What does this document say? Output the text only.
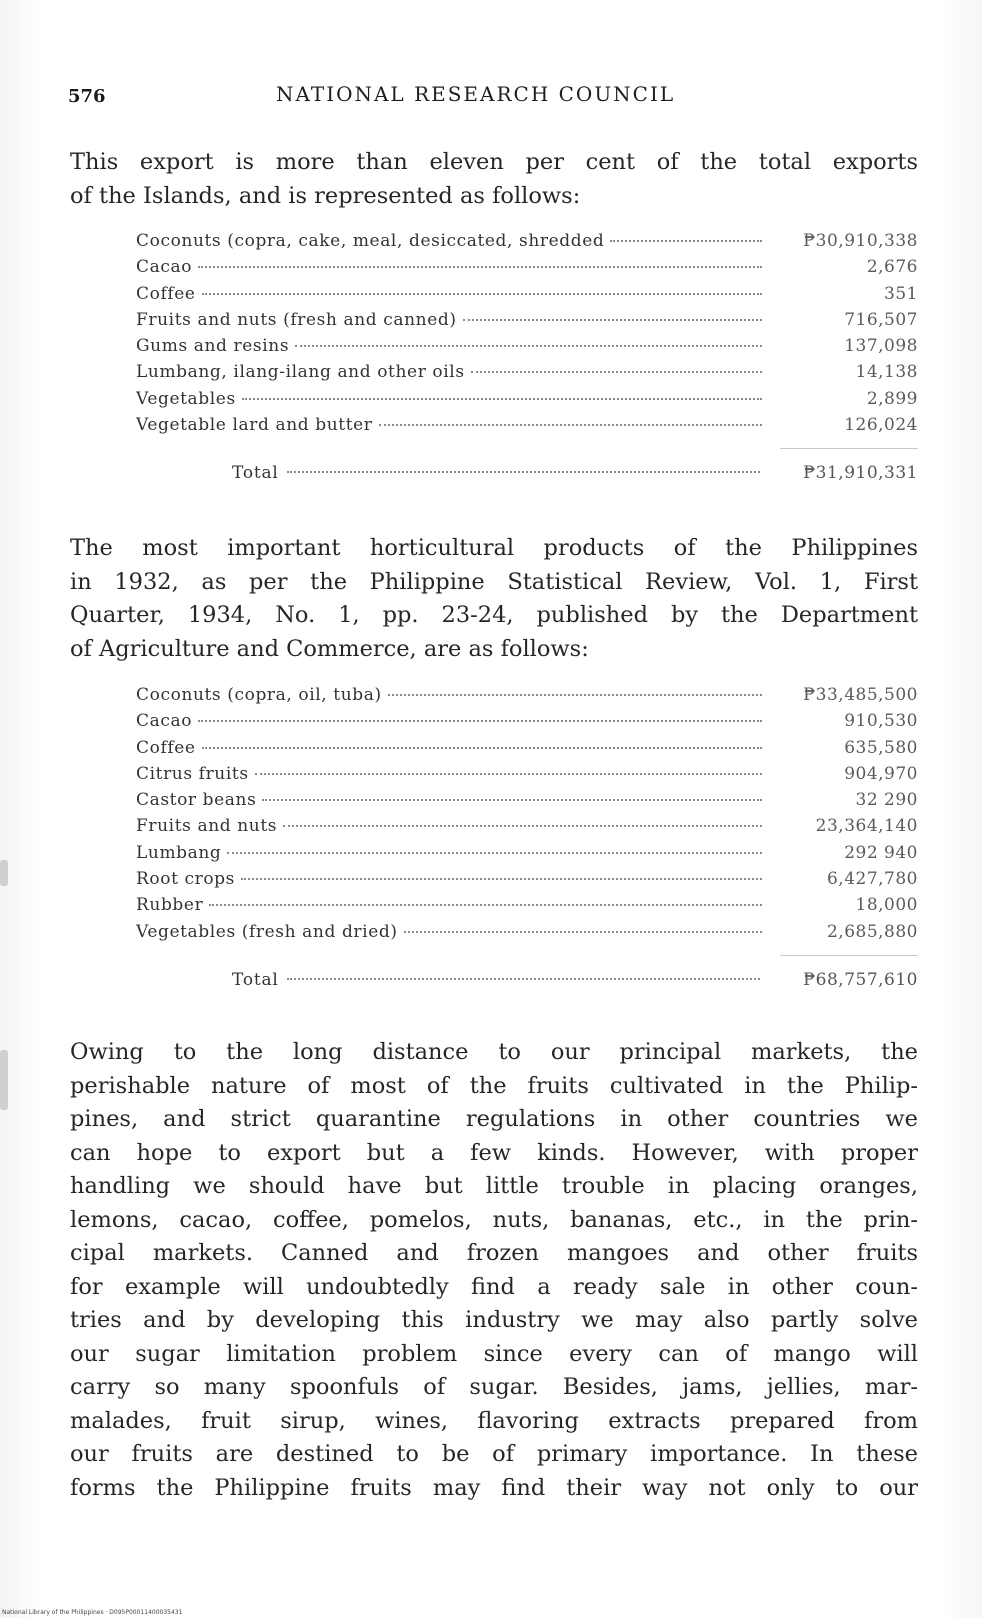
576	NATIONAL RESEARCH COUNCIL
This export is more than eleven per cent of the total exports
of the Islands, and is represented as follows:
Coconuts (copra, cake, meal, desiccated, shredded	₱30,910,338
Cacao	2,676
Coffee	351
Fruits and nuts (fresh and canned)	716,507
Gums and resins	137,098
Lumbang, ilang-ilang and other oils	14,138
Vegetables	2,899
Vegetable lard and butter	126,024
Total	₱31,910,331
The most important horticultural products of the Philippines
in 1932, as per the Philippine Statistical Review, Vol. 1, First
Quarter, 1934, No. 1, pp. 23-24, published by the Department
of Agriculture and Commerce, are as follows:
Coconuts (copra, oil, tuba)	₱33,485,500
Cacao	910,530
Coffee	635,580
Citrus fruits	904,970
Castor beans	32 290
Fruits and nuts	23,364,140
Lumbang	292 940
Root crops	6,427,780
Rubber	18,000
Vegetables (fresh and dried)	2,685,880
Total	₱68,757,610
Owing to the long distance to our principal markets, the
perishable nature of most of the fruits cultivated in the Philip-
pines, and strict quarantine regulations in other countries we
can hope to export but a few kinds. However, with proper
handling we should have but little trouble in placing oranges,
lemons, cacao, coffee, pomelos, nuts, bananas, etc., in the prin-
cipal markets. Canned and frozen mangoes and other fruits
for example will undoubtedly find a ready sale in other coun-
tries and by developing this industry we may also partly solve
our sugar limitation problem since every can of mango will
carry so many spoonfuls of sugar. Besides, jams, jellies, mar-
malades, fruit sirup, wines, flavoring extracts prepared from
our fruits are destined to be of primary importance. In these
forms the Philippine fruits may find their way not only to our
National Library of the Philippines · D095P00011400035431
